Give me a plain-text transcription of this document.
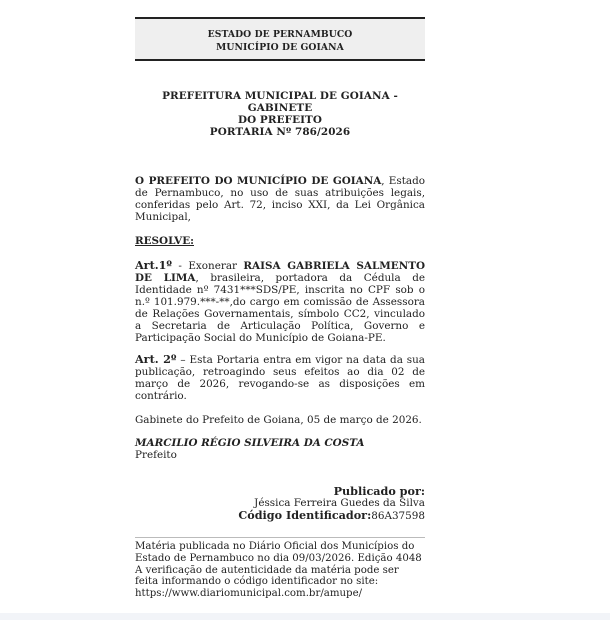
ESTADO DE PERNAMBUCO
MUNICÍPIO DE GOIANA
PREFEITURA MUNICIPAL DE GOIANA - GABINETE
DO PREFEITO
PORTARIA Nº 786/2026
O PREFEITO DO MUNICÍPIO DE GOIANA, Estado de Pernambuco, no uso de suas atribuições legais, conferidas pelo Art. 72, inciso XXI, da Lei Orgânica Municipal,
RESOLVE:
Art.1º - Exonerar RAISA GABRIELA SALMENTO DE LIMA, brasileira, portadora da Cédula de Identidade nº 7431***SDS/PE, inscrita no CPF sob o n.º 101.979.***-**,do cargo em comissão de Assessora de Relações Governamentais, símbolo CC2, vinculado a Secretaria de Articulação Política, Governo e Participação Social do Município de Goiana-PE.
Art. 2º – Esta Portaria entra em vigor na data da sua publicação, retroagindo seus efeitos ao dia 02 de março de 2026, revogando-se as disposições em contrário.
Gabinete do Prefeito de Goiana, 05 de março de 2026.
MARCILIO RÉGIO SILVEIRA DA COSTA
Prefeito
Publicado por:
Jéssica Ferreira Guedes da Silva
Código Identificador:86A37598
Matéria publicada no Diário Oficial dos Municípios do Estado de Pernambuco no dia 09/03/2026. Edição 4048
A verificação de autenticidade da matéria pode ser feita informando o código identificador no site:
https://www.diariomunicipal.com.br/amupe/
